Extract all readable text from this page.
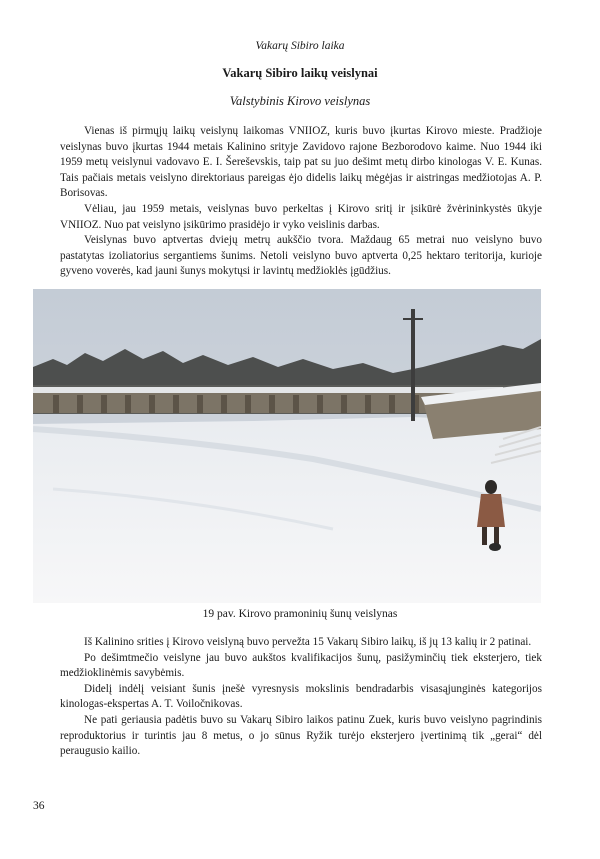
Vakarų Sibiro laika
Vakarų Sibiro laikų veislynai
Valstybinis Kirovo veislynas

Vienas iš pirmųjų laikų veislynų laikomas VNIIOZ, kuris buvo įkurtas Kirovo mieste. Pradžioje veislynas buvo įkurtas 1944 metais Kalinino srityje Zavidovo rajone Bezborodovo kaime. Nuo 1944 iki 1959 metų veislynui vadovavo E. I. Šereševskis, taip pat su juo dešimt metų dirbo kinologas V. E. Kunas. Tais pačiais metais veislyno direktoriaus pareigas ėjo didelis laikų mėgėjas ir aistringas medžiotojas A. P. Borisovas.

Vėliau, jau 1959 metais, veislynas buvo perkeltas į Kirovo sritį ir įsikūrė žvėrininkystės ūkyje VNIIOZ. Nuo pat veislyno įsikūrimo prasidėjo ir vyko veislinis darbas.

Veislynas buvo aptvertas dviejų metrų aukščio tvora. Maždaug 65 metrai nuo veislyno buvo pastatytas izoliatorius sergantiems šunims. Netoli veislyno buvo aptverta 0,25 hektaro teritorija, kurioje gyveno voverės, kad jauni šunys mokytųsi ir lavintų medžioklės įgūdžius.

19 pav. Kirovo pramoninių šunų veislynas

Iš Kalinino srities į Kirovo veislyną buvo pervežta 15 Vakarų Sibiro laikų, iš jų 13 kalių ir 2 patinai.

Po dešimtmečio veislyne jau buvo aukštos kvalifikacijos šunų, pasižyminčių tiek eksterjero, tiek medžioklinėmis savybėmis.

Didelį indėlį veisiant šunis įnešė vyresnysis mokslinis bendradarbis visasąjunginės kategorijos kinologas-ekspertas A. T. Voiločnikovas.

Ne pati geriausia padėtis buvo su Vakarų Sibiro laikos patinu Zuek, kuris buvo veislyno pagrindinis reproduktorius ir turintis jau 8 metus, o jo sūnus Ryžik turėjo eksterjero įvertinimą tik „gerai“ dėl peraugusio kailio.

36
